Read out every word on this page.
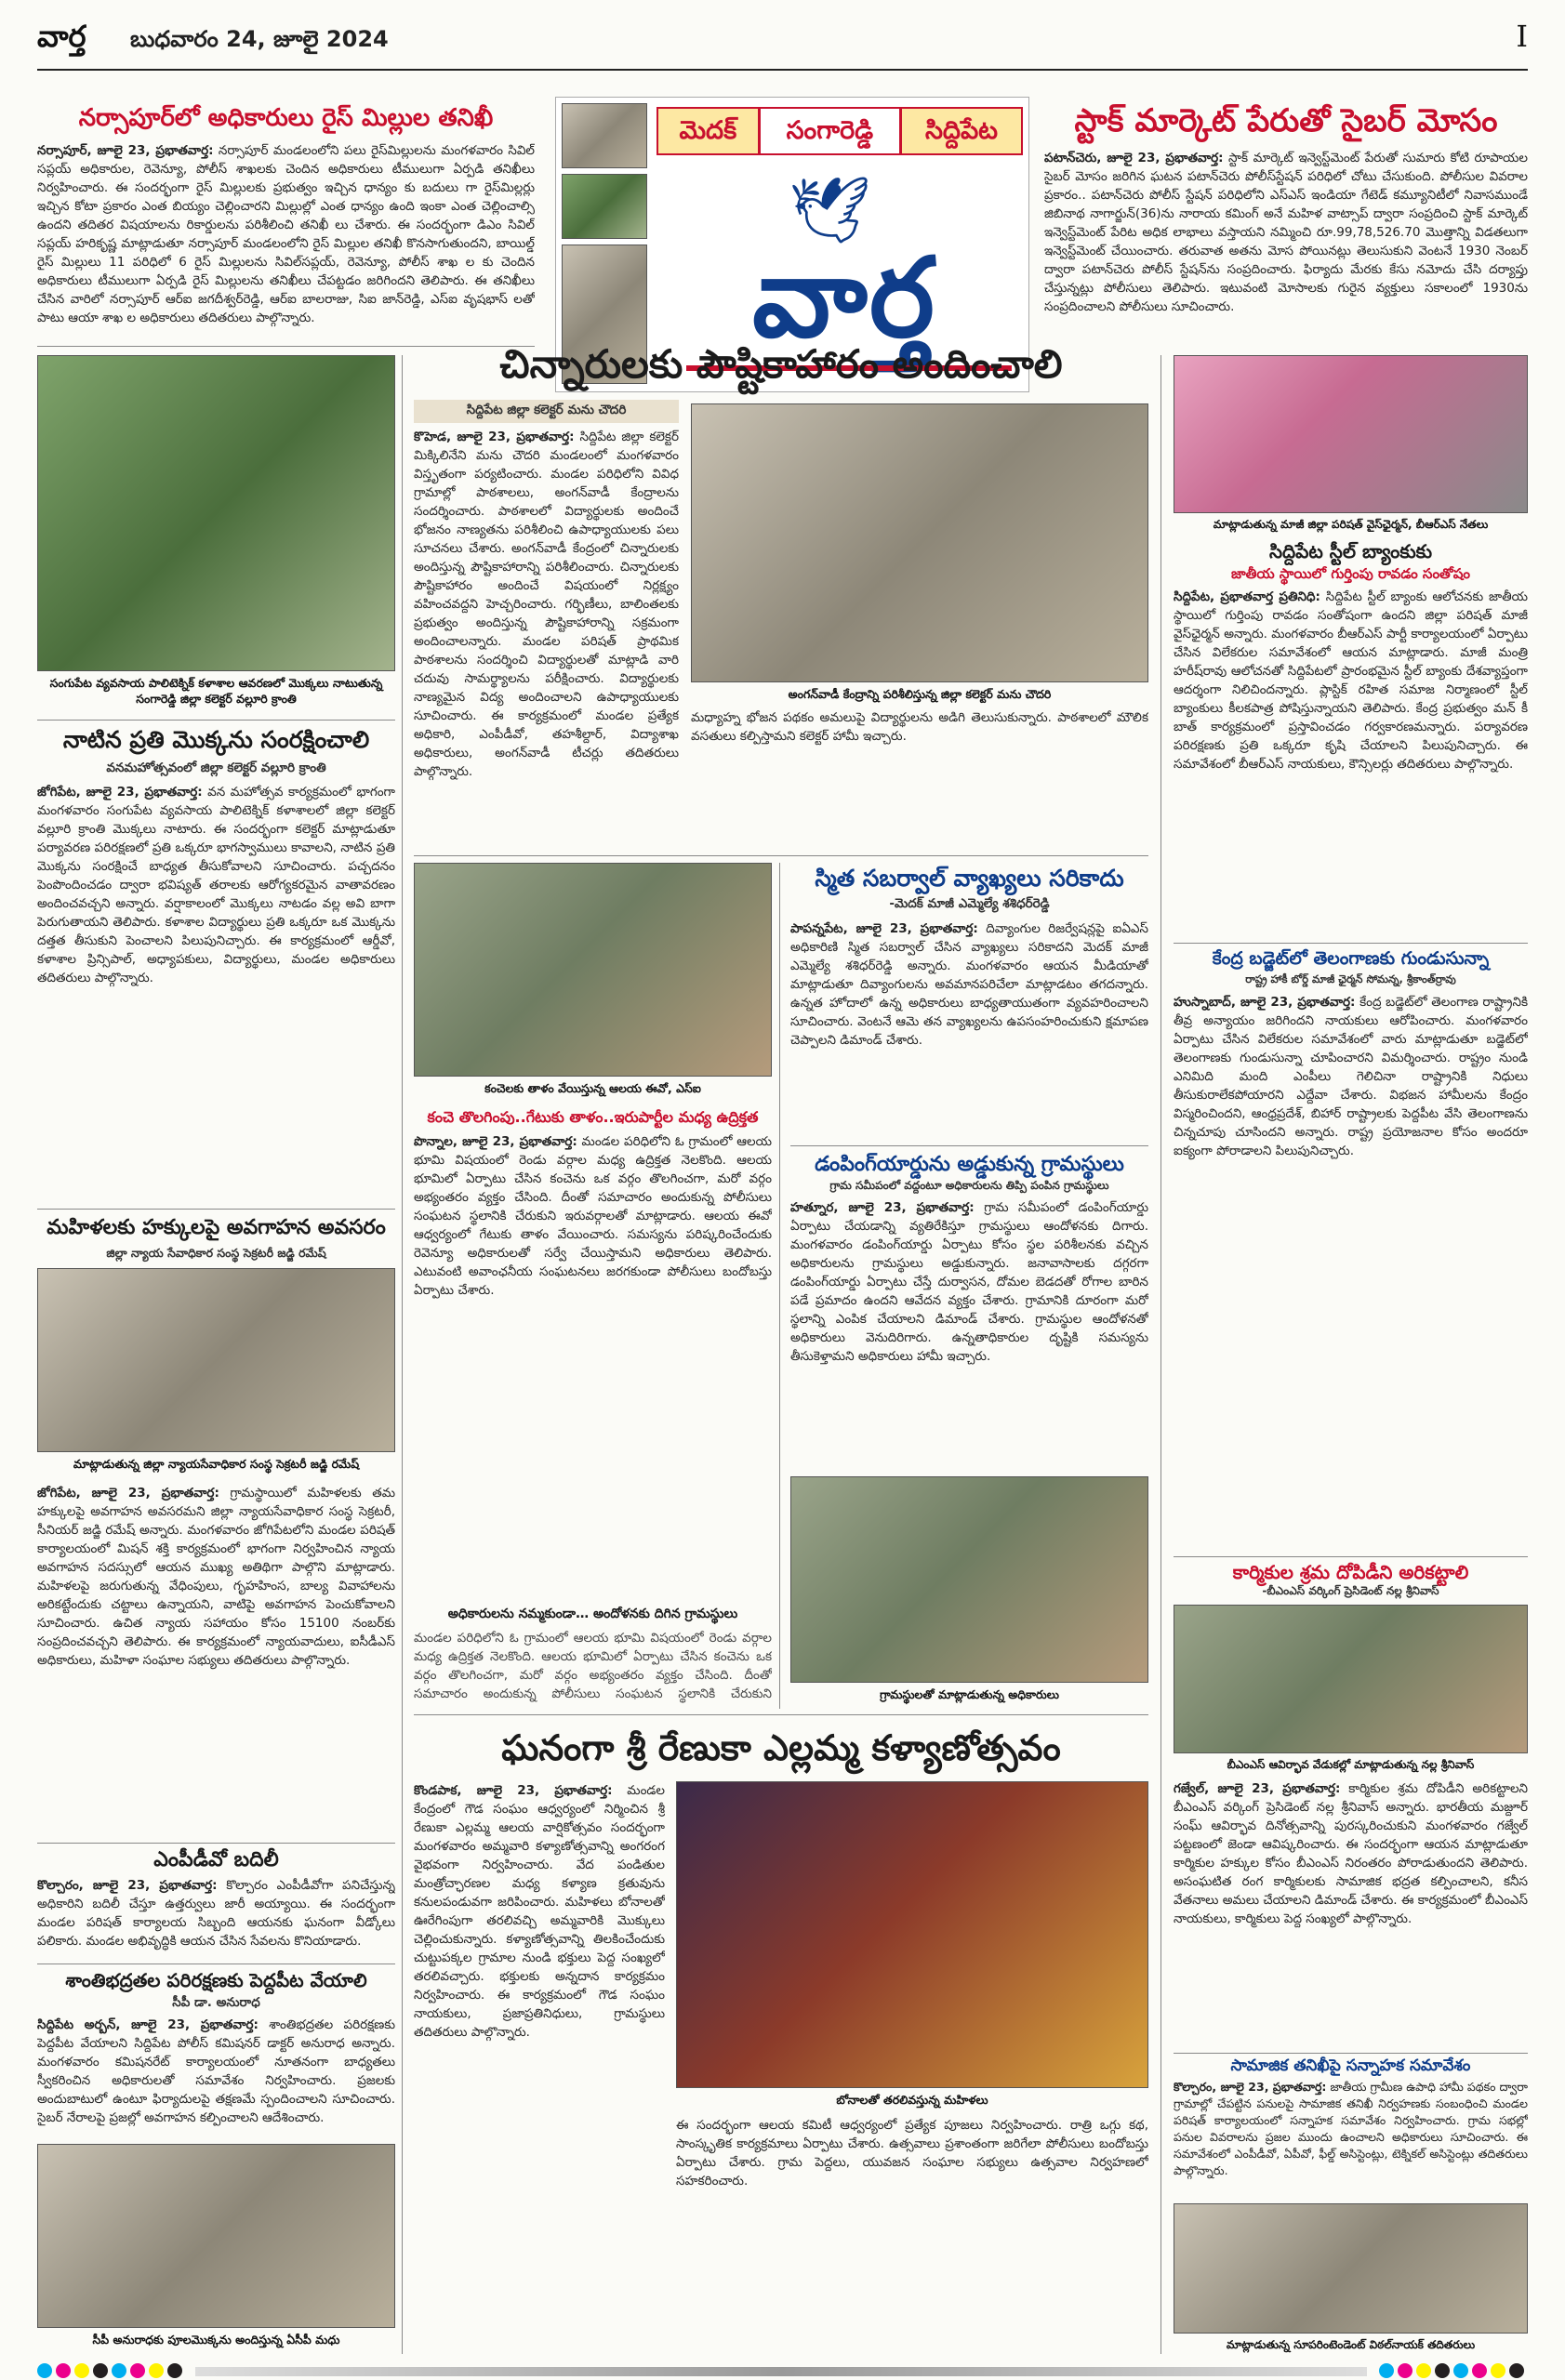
వార్త బుధవారం 24, జూలై 2024	I
నర్సాపూర్‌లో అధికారులు రైస్ మిల్లుల తనిఖీ
నర్సాపూర్, జూలై 23, ప్రభాతవార్త: నర్సాపూర్ మండలంలోని పలు రైస్‌మిల్లులను మంగళవారం సివిల్ సప్లయ్ అధికారుల, రెవెన్యూ, పోలీస్ శాఖలకు చెందిన అధికారులు టీములుగా ఏర్పడి తనిఖీలు నిర్వహించారు. ఈ సందర్భంగా రైస్ మిల్లులకు ప్రభుత్వం ఇచ్చిన ధాన్యం కు బదులు గా రైస్‌మిల్లర్లు ఇచ్చిన కోటా ప్రకారం ఎంత బియ్యం చెల్లించారని మిల్లుల్లో ఎంత ధాన్యం ఉంది ఇంకా ఎంత చెల్లించాల్సి ఉందని తదితర విషయాలను రికార్డులను పరిశీలించి తనిఖీ లు చేశారు. ఈ సందర్భంగా డిఎం సివిల్ సప్లయ్ హరికృష్ణ మాట్లాడుతూ నర్సాపూర్ మండలంలోని రైస్ మిల్లుల తనిఖీ కొనసాగుతుందని, బాయిల్డ్ రైస్ మిల్లులు 11 పరిధిలో 6 రైస్ మిల్లులను సివిల్‌సప్లయ్, రెవెన్యూ, పోలీస్ శాఖ ల కు చెందిన అధికారులు టీములుగా ఏర్పడి రైస్ మిల్లులను తనిఖీలు చేపట్టడం జరిగిందని తెలిపారు. ఈ తనిఖీలు చేసిన వారిలో నర్సాపూర్ ఆర్ఐ జగదీశ్వర్‌రెడ్డి, ఆర్ఐ బాలరాజు, సిఐ జాన్‌రెడ్డి, ఎస్ఐ వృషభాస్ లతో పాటు ఆయా శాఖ ల అధికారులు తదితరులు పాల్గొన్నారు.
మెదక్	సంగారెడ్డి	సిద్దిపేట
🕊
వార్త
స్టాక్ మార్కెట్ పేరుతో సైబర్ మోసం
పటాన్‌చెరు, జూలై 23, ప్రభాతవార్త: స్టాక్ మార్కెట్ ఇన్వెస్ట్‌మెంట్ పేరుతో సుమారు కోటి రూపాయల సైబర్ మోసం జరిగిన ఘటన పటాన్‌చెరు పోలీస్‌స్టేషన్ పరిధిలో చోటు చేసుకుంది. పోలీసుల వివరాల ప్రకారం.. పటాన్‌చెరు పోలీస్ స్టేషన్ పరిధిలోని ఎస్‌ఎస్ ఇండియా గేటెడ్ కమ్యూనిటీలో నివాసముండే జిబి‌నాథ నాగార్జున్(36)ను నారాయ కమింగ్ అనే మహిళ వాట్సాప్ ద్వారా సంప్రదించి స్టాక్ మార్కెట్ ఇన్వెస్ట్‌మెంట్ పేరిట అధిక లాభాలు వస్తాయని నమ్మించి రూ.99,78,526.70 మొత్తాన్ని విడతలుగా ఇన్వెస్ట్‌మెంట్ చేయించారు. తరువాత అతను మోస పోయినట్లు తెలుసుకుని వెంటనే 1930 నెంబర్ ద్వారా పటాన్‌చెరు పోలీస్ స్టేషన్‌ను సంప్రదించారు. ఫిర్యాదు మేరకు కేసు నమోదు చేసి దర్యాప్తు చేస్తున్నట్లు పోలీసులు తెలిపారు. ఇటువంటి మోసాలకు గురైన వ్యక్తులు సకాలంలో 1930ను సంప్రదించాలని పోలీసులు సూచించారు.
సంగుపేట వ్యవసాయ పాలిటెక్నిక్ కళాశాల ఆవరణలో మొక్కలు నాటుతున్న సంగారెడ్డి జిల్లా కలెక్టర్ వల్లూరి క్రాంతి
నాటిన ప్రతి మొక్కను సంరక్షించాలి
వనమహోత్సవంలో జిల్లా కలెక్టర్ వల్లూరి క్రాంతి
జోగిపేట, జూలై 23, ప్రభాతవార్త: వన మహోత్సవ కార్యక్రమంలో భాగంగా మంగళవారం సంగుపేట వ్యవసాయ పాలిటెక్నిక్ కళాశాలలో జిల్లా కలెక్టర్ వల్లూరి క్రాంతి మొక్కలు నాటారు. ఈ సందర్భంగా కలెక్టర్ మాట్లాడుతూ పర్యావరణ పరిరక్షణలో ప్రతి ఒక్కరూ భాగస్వాములు కావాలని, నాటిన ప్రతి మొక్కను సంరక్షించే బాధ్యత తీసుకోవాలని సూచించారు. పచ్చదనం పెంపొందించడం ద్వారా భవిష్యత్ తరాలకు ఆరోగ్యకరమైన వాతావరణం అందించవచ్చని అన్నారు. వర్షాకాలంలో మొక్కలు నాటడం వల్ల అవి బాగా పెరుగుతాయని తెలిపారు. కళాశాల విద్యార్థులు ప్రతి ఒక్కరూ ఒక మొక్కను దత్తత తీసుకుని పెంచాలని పిలుపునిచ్చారు. ఈ కార్యక్రమంలో ఆర్డీవో, కళాశాల ప్రిన్సిపాల్, అధ్యాపకులు, విద్యార్థులు, మండల అధికారులు తదితరులు పాల్గొన్నారు.
మహిళలకు హక్కులపై అవగాహన అవసరం
జిల్లా న్యాయ సేవాధికార సంస్థ సెక్రటరీ జడ్జి రమేష్
మాట్లాడుతున్న జిల్లా న్యాయసేవాధికార సంస్థ సెక్రటరీ జడ్జి రమేష్
జోగిపేట, జూలై 23, ప్రభాతవార్త: గ్రామస్థాయిలో మహిళలకు తమ హక్కులపై అవగాహన అవసరమని జిల్లా న్యాయసేవాధికార సంస్థ సెక్రటరీ, సీనియర్ జడ్జి రమేష్ అన్నారు. మంగళవారం జోగిపేటలోని మండల పరిషత్ కార్యాలయంలో మిషన్ శక్తి కార్యక్రమంలో భాగంగా నిర్వహించిన న్యాయ అవగాహన సదస్సులో ఆయన ముఖ్య అతిథిగా పాల్గొని మాట్లాడారు. మహిళలపై జరుగుతున్న వేధింపులు, గృహహింస, బాల్య వివాహాలను అరికట్టేందుకు చట్టాలు ఉన్నాయని, వాటిపై అవగాహన పెంచుకోవాలని సూచించారు. ఉచిత న్యాయ సహాయం కోసం 15100 నంబర్‌కు సంప్రదించవచ్చని తెలిపారు. ఈ కార్యక్రమంలో న్యాయవాదులు, ఐసీడీఎస్ అధికారులు, మహిళా సంఘాల సభ్యులు తదితరులు పాల్గొన్నారు.
ఎంపీడీవో బదిలీ
కొల్చారం, జూలై 23, ప్రభాతవార్త: కొల్చారం ఎంపీడీవోగా పనిచేస్తున్న అధికారిని బదిలీ చేస్తూ ఉత్తర్వులు జారీ అయ్యాయి. ఈ సందర్భంగా మండల పరిషత్ కార్యాలయ సిబ్బంది ఆయనకు ఘనంగా వీడ్కోలు పలికారు. మండల అభివృద్ధికి ఆయన చేసిన సేవలను కొనియాడారు.
శాంతిభద్రతల పరిరక్షణకు పెద్దపీట వేయాలి
సీపీ డా. అనురాధ
సిద్దిపేట అర్బన్, జూలై 23, ప్రభాతవార్త: శాంతిభద్రతల పరిరక్షణకు పెద్దపీట వేయాలని సిద్దిపేట పోలీస్ కమిషనర్ డాక్టర్ అనురాధ అన్నారు. మంగళవారం కమిషనరేట్ కార్యాలయంలో నూతనంగా బాధ్యతలు స్వీకరించిన అధికారులతో సమావేశం నిర్వహించారు. ప్రజలకు అందుబాటులో ఉంటూ ఫిర్యాదులపై తక్షణమే స్పందించాలని సూచించారు. సైబర్ నేరాలపై ప్రజల్లో అవగాహన కల్పించాలని ఆదేశించారు.
సీపీ అనురాధకు పూలమొక్కను అందిస్తున్న ఏసీపీ మధు
చిన్నారులకు పౌష్టికాహారం అందించాలి
సిద్దిపేట జిల్లా కలెక్టర్ మను చౌదరి
కొహెడ, జూలై 23, ప్రభాతవార్త: సిద్దిపేట జిల్లా కలెక్టర్ మిక్కిలినేని మను చౌదరి మండలంలో మంగళవారం విస్తృతంగా పర్యటించారు. మండల పరిధిలోని వివిధ గ్రామాల్లో పాఠశాలలు, అంగన్‌వాడీ కేంద్రాలను సందర్శించారు. పాఠశాలలో విద్యార్థులకు అందించే భోజనం నాణ్యతను పరిశీలించి ఉపాధ్యాయులకు పలు సూచనలు చేశారు. అంగన్‌వాడీ కేంద్రంలో చిన్నారులకు అందిస్తున్న పౌష్టికాహారాన్ని పరిశీలించారు. చిన్నారులకు పౌష్టికాహారం అందించే విషయంలో నిర్లక్ష్యం వహించవద్దని హెచ్చరించారు. గర్భిణీలు, బాలింతలకు ప్రభుత్వం అందిస్తున్న పౌష్టికాహారాన్ని సక్రమంగా అందించాలన్నారు. మండల పరిషత్ ప్రాథమిక పాఠశాలను సందర్శించి విద్యార్థులతో మాట్లాడి వారి చదువు సామర్థ్యాలను పరీక్షించారు. విద్యార్థులకు నాణ్యమైన విద్య అందించాలని ఉపాధ్యాయులకు సూచించారు. ఈ కార్యక్రమంలో మండల ప్రత్యేక అధికారి, ఎంపీడీవో, తహశీల్దార్, విద్యాశాఖ అధికారులు, అంగన్‌వాడీ టీచర్లు తదితరులు పాల్గొన్నారు.
అంగన్‌వాడీ కేంద్రాన్ని పరిశీలిస్తున్న జిల్లా కలెక్టర్ మను చౌదరి
మధ్యాహ్న భోజన పథకం అమలుపై విద్యార్థులను అడిగి తెలుసుకున్నారు. పాఠశాలలో మౌలిక వసతులు కల్పిస్తామని కలెక్టర్ హామీ ఇచ్చారు.
కంచెలకు తాళం వేయిస్తున్న ఆలయ ఈవో, ఎస్ఐ
కంచె తొలగింపు..గేటుకు తాళం..ఇరుపార్టీల మధ్య ఉద్రిక్తత
పొన్నాల, జూలై 23, ప్రభాతవార్త: మండల పరిధిలోని ఓ గ్రామంలో ఆలయ భూమి విషయంలో రెండు వర్గాల మధ్య ఉద్రిక్తత నెలకొంది. ఆలయ భూమిలో ఏర్పాటు చేసిన కంచెను ఒక వర్గం తొలగించగా, మరో వర్గం అభ్యంతరం వ్యక్తం చేసింది. దీంతో సమాచారం అందుకున్న పోలీసులు సంఘటన స్థలానికి చేరుకుని ఇరువర్గాలతో మాట్లాడారు. ఆలయ ఈవో ఆధ్వర్యంలో గేటుకు తాళం వేయించారు. సమస్యను పరిష్కరించేందుకు రెవెన్యూ అధికారులతో సర్వే చేయిస్తామని అధికారులు తెలిపారు. ఎటువంటి అవాంఛనీయ సంఘటనలు జరగకుండా పోలీసులు బందోబస్తు ఏర్పాటు చేశారు.
అధికారులను నమ్మకుండా… అందోళనకు దిగిన గ్రామస్థులు
మండల పరిధిలోని ఓ గ్రామంలో ఆలయ భూమి విషయంలో రెండు వర్గాల మధ్య ఉద్రిక్తత నెలకొంది. ఆలయ భూమిలో ఏర్పాటు చేసిన కంచెను ఒక వర్గం తొలగించగా, మరో వర్గం అభ్యంతరం వ్యక్తం చేసింది. దీంతో సమాచారం అందుకున్న పోలీసులు సంఘటన స్థలానికి చేరుకుని
స్మిత సబర్వాల్ వ్యాఖ్యలు సరికాదు
-మెదక్ మాజీ ఎమ్మెల్యే శశిధర్‌రెడ్డి
పాపన్నపేట, జూలై 23, ప్రభాతవార్త: దివ్యాంగుల రిజర్వేషన్లపై ఐఏఎస్ అధికారిణి స్మిత సబర్వాల్ చేసిన వ్యాఖ్యలు సరికాదని మెదక్ మాజీ ఎమ్మెల్యే శశిధర్‌రెడ్డి అన్నారు. మంగళవారం ఆయన మీడియాతో మాట్లాడుతూ దివ్యాంగులను అవమానపరిచేలా మాట్లాడటం తగదన్నారు. ఉన్నత హోదాలో ఉన్న అధికారులు బాధ్యతాయుతంగా వ్యవహరించాలని సూచించారు. వెంటనే ఆమె తన వ్యాఖ్యలను ఉపసంహరించుకుని క్షమాపణ చెప్పాలని డిమాండ్ చేశారు.
డంపింగ్‌యార్డును అడ్డుకున్న గ్రామస్థులు
గ్రామ సమీపంలో వద్దంటూ అధికారులను తిప్పి పంపిన గ్రామస్థులు
హత్నూర, జూలై 23, ప్రభాతవార్త: గ్రామ సమీపంలో డంపింగ్‌యార్డు ఏర్పాటు చేయడాన్ని వ్యతిరేకిస్తూ గ్రామస్థులు ఆందోళనకు దిగారు. మంగళవారం డంపింగ్‌యార్డు ఏర్పాటు కోసం స్థల పరిశీలనకు వచ్చిన అధికారులను గ్రామస్థులు అడ్డుకున్నారు. జనావాసాలకు దగ్గరగా డంపింగ్‌యార్డు ఏర్పాటు చేస్తే దుర్వాసన, దోమల బెడదతో రోగాల బారిన పడే ప్రమాదం ఉందని ఆవేదన వ్యక్తం చేశారు. గ్రామానికి దూరంగా మరో స్థలాన్ని ఎంపిక చేయాలని డిమాండ్ చేశారు. గ్రామస్థుల ఆందోళనతో అధికారులు వెనుదిరిగారు. ఉన్నతాధికారుల దృష్టికి సమస్యను తీసుకెళ్తామని అధికారులు హామీ ఇచ్చారు.
గ్రామస్థులతో మాట్లాడుతున్న అధికారులు
ఘనంగా శ్రీ రేణుకా ఎల్లమ్మ కళ్యాణోత్సవం
కొండపాక, జూలై 23, ప్రభాతవార్త: మండల కేంద్రంలో గౌడ సంఘం ఆధ్వర్యంలో నిర్మించిన శ్రీ రేణుకా ఎల్లమ్మ ఆలయ వార్షికోత్సవం సందర్భంగా మంగళవారం అమ్మవారి కళ్యాణోత్సవాన్ని అంగరంగ వైభవంగా నిర్వహించారు. వేద పండితుల మంత్రోచ్ఛారణల మధ్య కళ్యాణ క్రతువును కనులపండువగా జరిపించారు. మహిళలు బోనాలతో ఊరేగింపుగా తరలివచ్చి అమ్మవారికి మొక్కులు చెల్లించుకున్నారు. కళ్యాణోత్సవాన్ని తిలకించేందుకు చుట్టుపక్కల గ్రామాల నుండి భక్తులు పెద్ద సంఖ్యలో తరలివచ్చారు. భక్తులకు అన్నదాన కార్యక్రమం నిర్వహించారు. ఈ కార్యక్రమంలో గౌడ సంఘం నాయకులు, ప్రజాప్రతినిధులు, గ్రామస్థులు తదితరులు పాల్గొన్నారు.
బోనాలతో తరలివస్తున్న మహిళలు
ఈ సందర్భంగా ఆలయ కమిటీ ఆధ్వర్యంలో ప్రత్యేక పూజలు నిర్వహించారు. రాత్రి ఒగ్గు కథ, సాంస్కృతిక కార్యక్రమాలు ఏర్పాటు చేశారు. ఉత్సవాలు ప్రశాంతంగా జరిగేలా పోలీసులు బందోబస్తు ఏర్పాటు చేశారు. గ్రామ పెద్దలు, యువజన సంఘాల సభ్యులు ఉత్సవాల నిర్వహణలో సహకరించారు.
మాట్లాడుతున్న మాజీ జిల్లా పరిషత్ వైస్‌ఛైర్మన్, బీఆర్ఎస్ నేతలు
సిద్దిపేట స్టీల్ బ్యాంకుకు
జాతీయ స్థాయిలో గుర్తింపు రావడం సంతోషం
సిద్దిపేట, ప్రభాతవార్త ప్రతినిధి: సిద్దిపేట స్టీల్ బ్యాంకు ఆలోచనకు జాతీయ స్థాయిలో గుర్తింపు రావడం సంతోషంగా ఉందని జిల్లా పరిషత్ మాజీ వైస్‌ఛైర్మన్ అన్నారు. మంగళవారం బీఆర్ఎస్ పార్టీ కార్యాలయంలో ఏర్పాటు చేసిన విలేకరుల సమావేశంలో ఆయన మాట్లాడారు. మాజీ మంత్రి హరీష్‌రావు ఆలోచనతో సిద్దిపేటలో ప్రారంభమైన స్టీల్ బ్యాంకు దేశవ్యాప్తంగా ఆదర్శంగా నిలిచిందన్నారు. ప్లాస్టిక్ రహిత సమాజ నిర్మాణంలో స్టీల్ బ్యాంకులు కీలకపాత్ర పోషిస్తున్నాయని తెలిపారు. కేంద్ర ప్రభుత్వం మన్ కీ బాత్ కార్యక్రమంలో ప్రస్తావించడం గర్వకారణమన్నారు. పర్యావరణ పరిరక్షణకు ప్రతి ఒక్కరూ కృషి చేయాలని పిలుపునిచ్చారు. ఈ సమావేశంలో బీఆర్ఎస్ నాయకులు, కౌన్సిలర్లు తదితరులు పాల్గొన్నారు.
కేంద్ర బడ్జెట్‌లో తెలంగాణకు గుండుసున్నా
రాష్ట్ర హాకీ బోర్డ్ మాజీ ఛైర్మన్ సోమన్న, శ్రీకాంత్‌ర్రావు
హుస్నాబాద్, జూలై 23, ప్రభాతవార్త: కేంద్ర బడ్జెట్‌లో తెలంగాణ రాష్ట్రానికి తీవ్ర అన్యాయం జరిగిందని నాయకులు ఆరోపించారు. మంగళవారం ఏర్పాటు చేసిన విలేకరుల సమావేశంలో వారు మాట్లాడుతూ బడ్జెట్‌లో తెలంగాణకు గుండుసున్నా చూపించారని విమర్శించారు. రాష్ట్రం నుండి ఎనిమిది మంది ఎంపీలు గెలిచినా రాష్ట్రానికి నిధులు తీసుకురాలేకపోయారని ఎద్దేవా చేశారు. విభజన హామీలను కేంద్రం విస్మరించిందని, ఆంధ్రప్రదేశ్, బిహార్ రాష్ట్రాలకు పెద్దపీట వేసి తెలంగాణను చిన్నచూపు చూసిందని అన్నారు. రాష్ట్ర ప్రయోజనాల కోసం అందరూ ఐక్యంగా పోరాడాలని పిలుపునిచ్చారు.
కార్మికుల శ్రమ దోపిడీని అరికట్టాలి
-బీఎంఎస్ వర్కింగ్ ప్రెసిడెంట్ నల్ల శ్రీనివాస్
బీఎంఎస్ ఆవిర్భావ వేడుకల్లో మాట్లాడుతున్న నల్ల శ్రీనివాస్
గజ్వేల్, జూలై 23, ప్రభాతవార్త: కార్మికుల శ్రమ దోపిడీని అరికట్టాలని బీఎంఎస్ వర్కింగ్ ప్రెసిడెంట్ నల్ల శ్రీనివాస్ అన్నారు. భారతీయ మజ్దూర్ సంఘ్ ఆవిర్భావ దినోత్సవాన్ని పురస్కరించుకుని మంగళవారం గజ్వేల్ పట్టణంలో జెండా ఆవిష్కరించారు. ఈ సందర్భంగా ఆయన మాట్లాడుతూ కార్మికుల హక్కుల కోసం బీఎంఎస్ నిరంతరం పోరాడుతుందని తెలిపారు. అసంఘటిత రంగ కార్మికులకు సామాజిక భద్రత కల్పించాలని, కనీస వేతనాలు అమలు చేయాలని డిమాండ్ చేశారు. ఈ కార్యక్రమంలో బీఎంఎస్ నాయకులు, కార్మికులు పెద్ద సంఖ్యలో పాల్గొన్నారు.
సామాజిక తనిఖీపై సన్నాహక సమావేశం
కొల్చారం, జూలై 23, ప్రభాతవార్త: జాతీయ గ్రామీణ ఉపాధి హామీ పథకం ద్వారా గ్రామాల్లో చేపట్టిన పనులపై సామాజిక తనిఖీ నిర్వహణకు సంబంధించి మండల పరిషత్ కార్యాలయంలో సన్నాహక సమావేశం నిర్వహించారు. గ్రామ సభల్లో పనుల వివరాలను ప్రజల ముందు ఉంచాలని అధికారులు సూచించారు. ఈ సమావేశంలో ఎంపీడీవో, ఏపీవో, ఫీల్డ్ అసిస్టెంట్లు, టెక్నికల్ అసిస్టెంట్లు తదితరులు పాల్గొన్నారు.
మాట్లాడుతున్న సూపరింటెండెంట్ విఠల్‌నాయక్ తదితరులు
